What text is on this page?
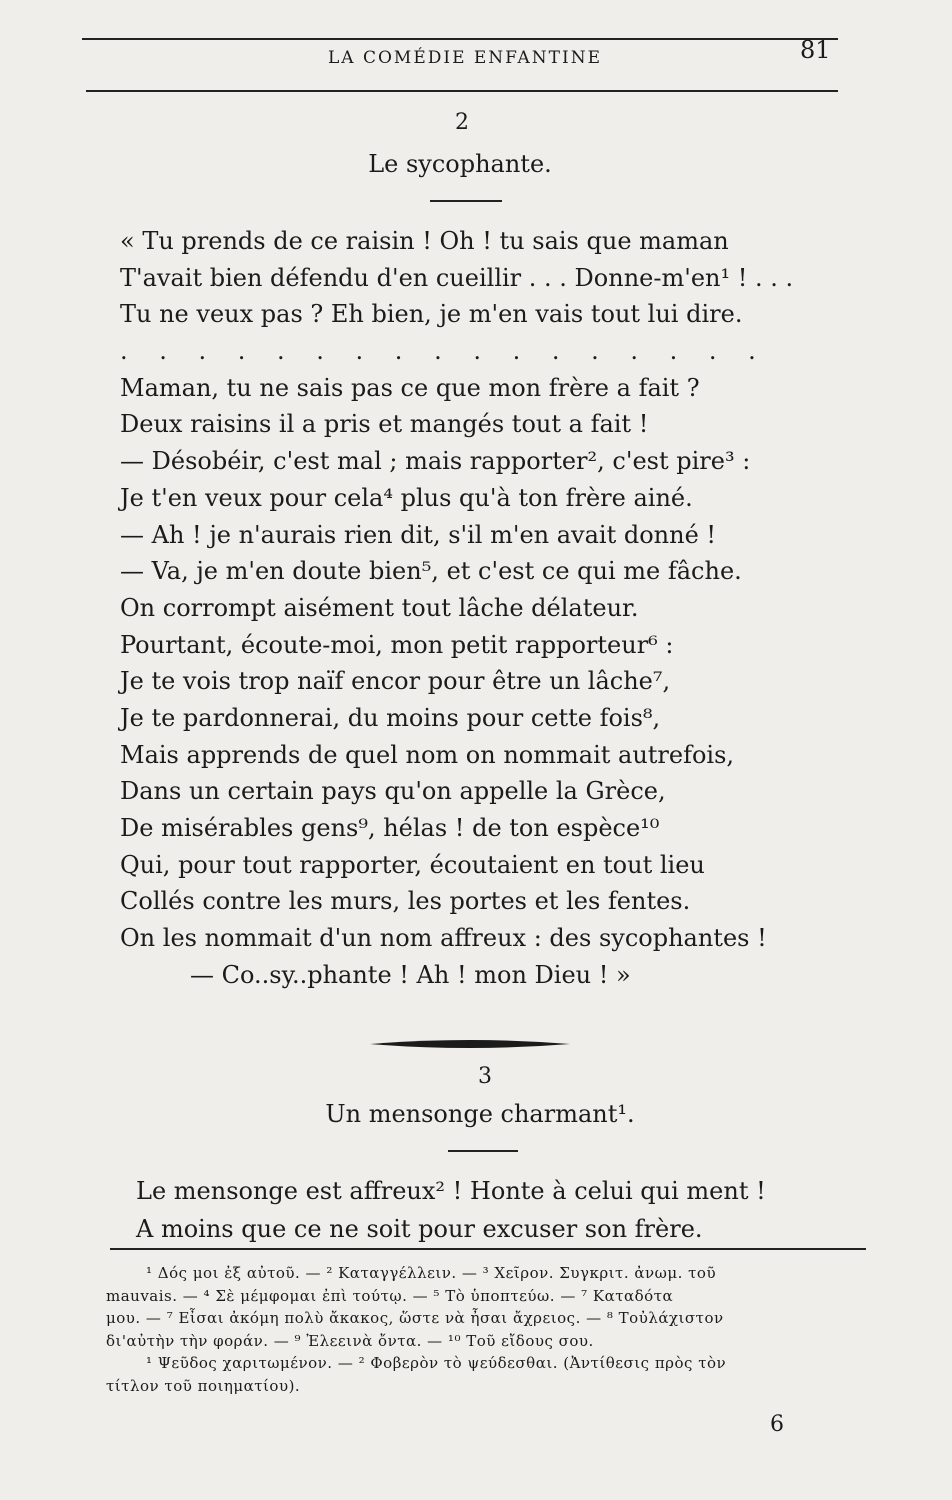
LA COMÉDIE ENFANTINE	81
2
Le sycophante.
« Tu prends de ce raisin ! Oh ! tu sais que maman
T'avait bien défendu d'en cueillir . . . Donne-m'en¹ ! . . .
Tu ne veux pas ? Eh bien, je m'en vais tout lui dire.
. . . . . . . . . . . . . . . . .
Maman, tu ne sais pas ce que mon frère a fait ?
Deux raisins il a pris et mangés tout a fait !
— Désobéir, c'est mal ; mais rapporter², c'est pire³ :
Je t'en veux pour cela⁴ plus qu'à ton frère ainé.
— Ah ! je n'aurais rien dit, s'il m'en avait donné !
— Va, je m'en doute bien⁵, et c'est ce qui me fâche.
On corrompt aisément tout lâche délateur.
Pourtant, écoute-moi, mon petit rapporteur⁶ :
Je te vois trop naïf encor pour être un lâche⁷,
Je te pardonnerai, du moins pour cette fois⁸,
Mais apprends de quel nom on nommait autrefois,
Dans un certain pays qu'on appelle la Grèce,
De misérables gens⁹, hélas ! de ton espèce¹⁰
Qui, pour tout rapporter, écoutaient en tout lieu
Collés contre les murs, les portes et les fentes.
On les nommait d'un nom affreux : des sycophantes !
— Co..sy..phante ! Ah ! mon Dieu ! »
3
Un mensonge charmant¹.
Le mensonge est affreux² ! Honte à celui qui ment !
A moins que ce ne soit pour excuser son frère.
¹ Δός μοι ἐξ αὐτοῦ. — ² Καταγγέλλειν. — ³ Χεῖρον. Συγκριτ. ἀνωμ. τοῦ
mauvais. — ⁴ Σὲ μέμφομαι ἐπὶ τούτῳ. — ⁵ Τὸ ὑποπτεύω. — ⁷ Καταδότα
μου. — ⁷ Εἶσαι ἀκόμη πολὺ ἄκακος, ὥστε νὰ ἦσαι ἄχρειος. — ⁸ Τοὐλάχιστον
δι'αὐτὴν τὴν φοράν. — ⁹ Ἐλεεινὰ ὄντα. — ¹⁰ Τοῦ εἴδους σου.
¹ Ψεῦδος χαριτωμένον. — ² Φοβερὸν τὸ ψεύδεσθαι. (Ἀντίθεσις πρὸς τὸν
τίτλον τοῦ ποιηματίου).
6
